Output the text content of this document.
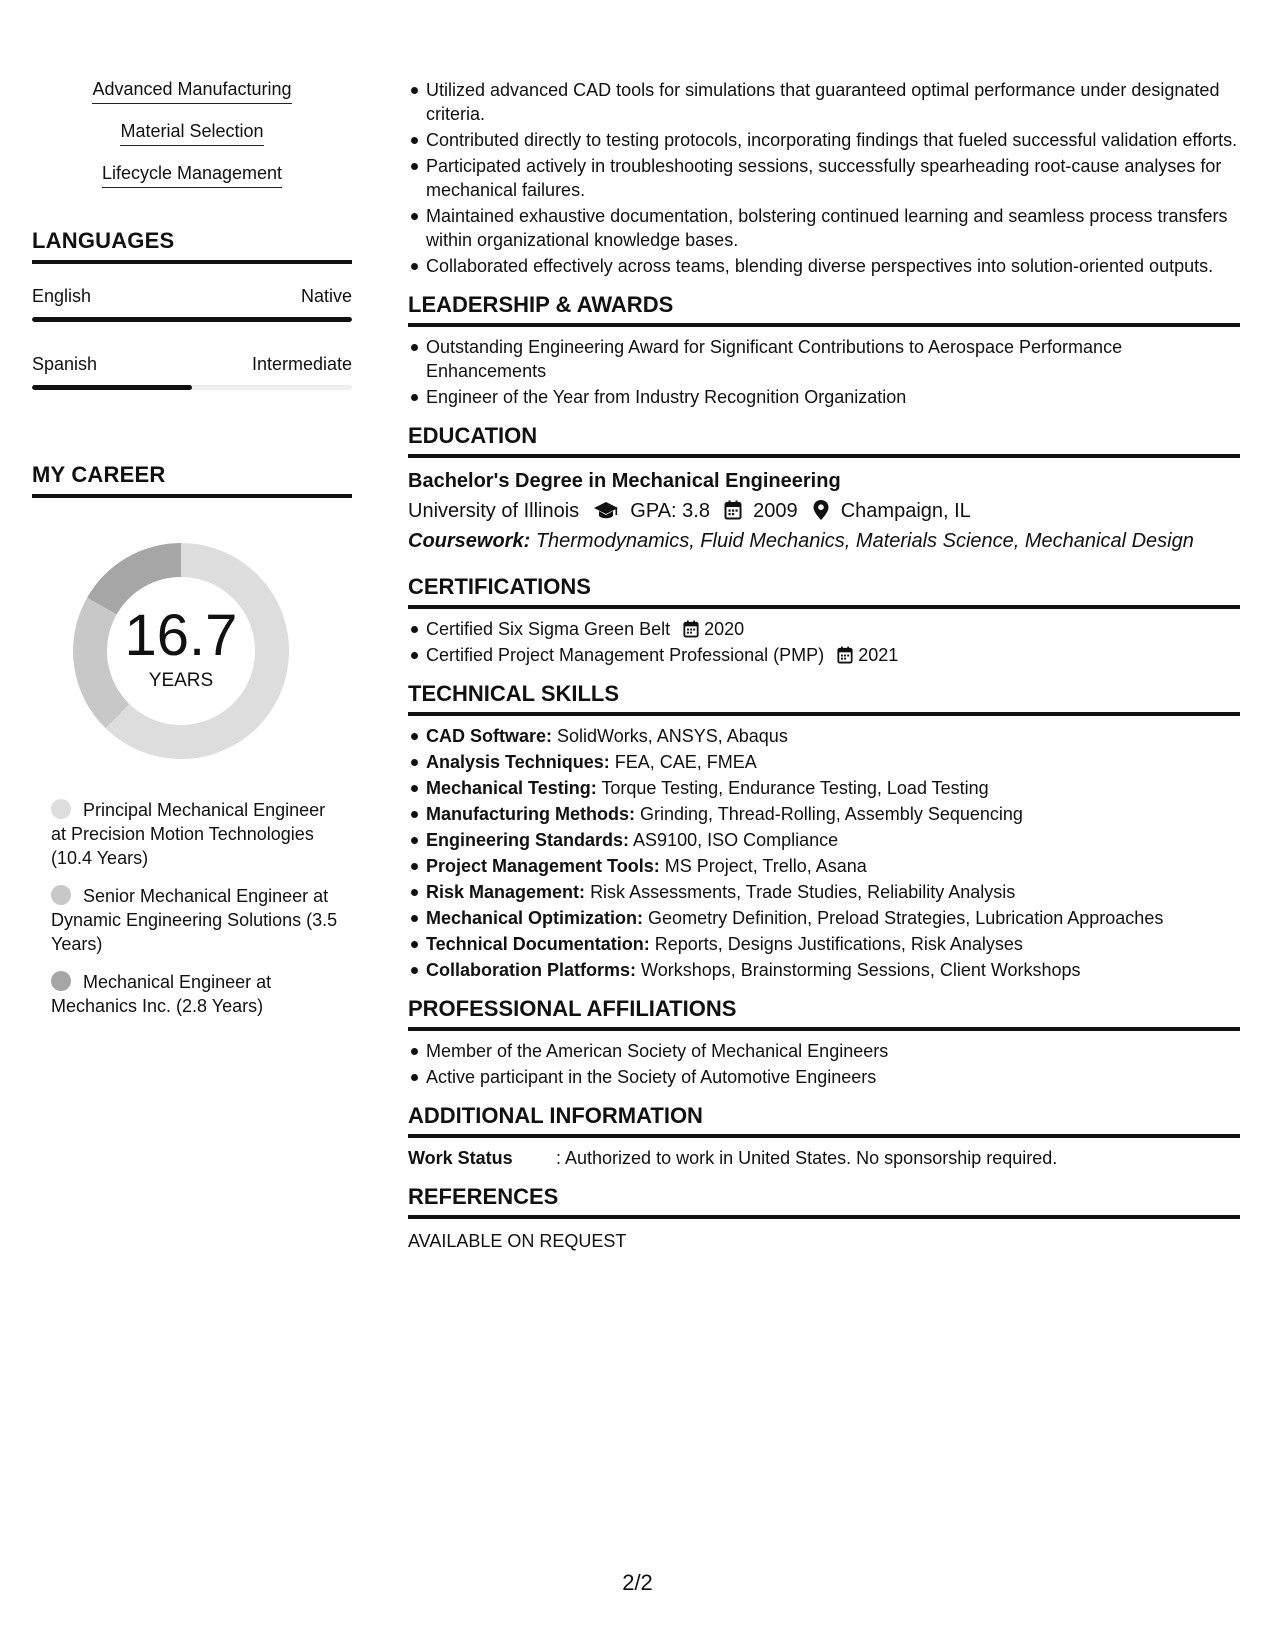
Advanced Manufacturing
Material Selection
Lifecycle Management
LANGUAGES
English	Native
Spanish	Intermediate
MY CAREER
16.7
YEARS
Principal Mechanical Engineer at Precision Motion Technologies (10.4 Years)
Senior Mechanical Engineer at Dynamic Engineering Solutions (3.5 Years)
Mechanical Engineer at Mechanics Inc. (2.8 Years)
Utilized advanced CAD tools for simulations that guaranteed optimal performance under designated criteria.
Contributed directly to testing protocols, incorporating findings that fueled successful validation efforts.
Participated actively in troubleshooting sessions, successfully spearheading root-cause analyses for mechanical failures.
Maintained exhaustive documentation, bolstering continued learning and seamless process transfers within organizational knowledge bases.
Collaborated effectively across teams, blending diverse perspectives into solution-oriented outputs.
LEADERSHIP & AWARDS
Outstanding Engineering Award for Significant Contributions to Aerospace Performance Enhancements
Engineer of the Year from Industry Recognition Organization
EDUCATION
Bachelor's Degree in Mechanical Engineering
University of Illinois	GPA: 3.8 2009 Champaign, IL
Coursework: Thermodynamics, Fluid Mechanics, Materials Science, Mechanical Design
CERTIFICATIONS
Certified Six Sigma Green Belt 2020
Certified Project Management Professional (PMP) 2021
TECHNICAL SKILLS
CAD Software: SolidWorks, ANSYS, Abaqus
Analysis Techniques: FEA, CAE, FMEA
Mechanical Testing: Torque Testing, Endurance Testing, Load Testing
Manufacturing Methods: Grinding, Thread-Rolling, Assembly Sequencing
Engineering Standards: AS9100, ISO Compliance
Project Management Tools: MS Project, Trello, Asana
Risk Management: Risk Assessments, Trade Studies, Reliability Analysis
Mechanical Optimization: Geometry Definition, Preload Strategies, Lubrication Approaches
Technical Documentation: Reports, Designs Justifications, Risk Analyses
Collaboration Platforms: Workshops, Brainstorming Sessions, Client Workshops
PROFESSIONAL AFFILIATIONS
Member of the American Society of Mechanical Engineers
Active participant in the Society of Automotive Engineers
ADDITIONAL INFORMATION
Work Status	: Authorized to work in United States. No sponsorship required.
REFERENCES
AVAILABLE ON REQUEST
2/2
